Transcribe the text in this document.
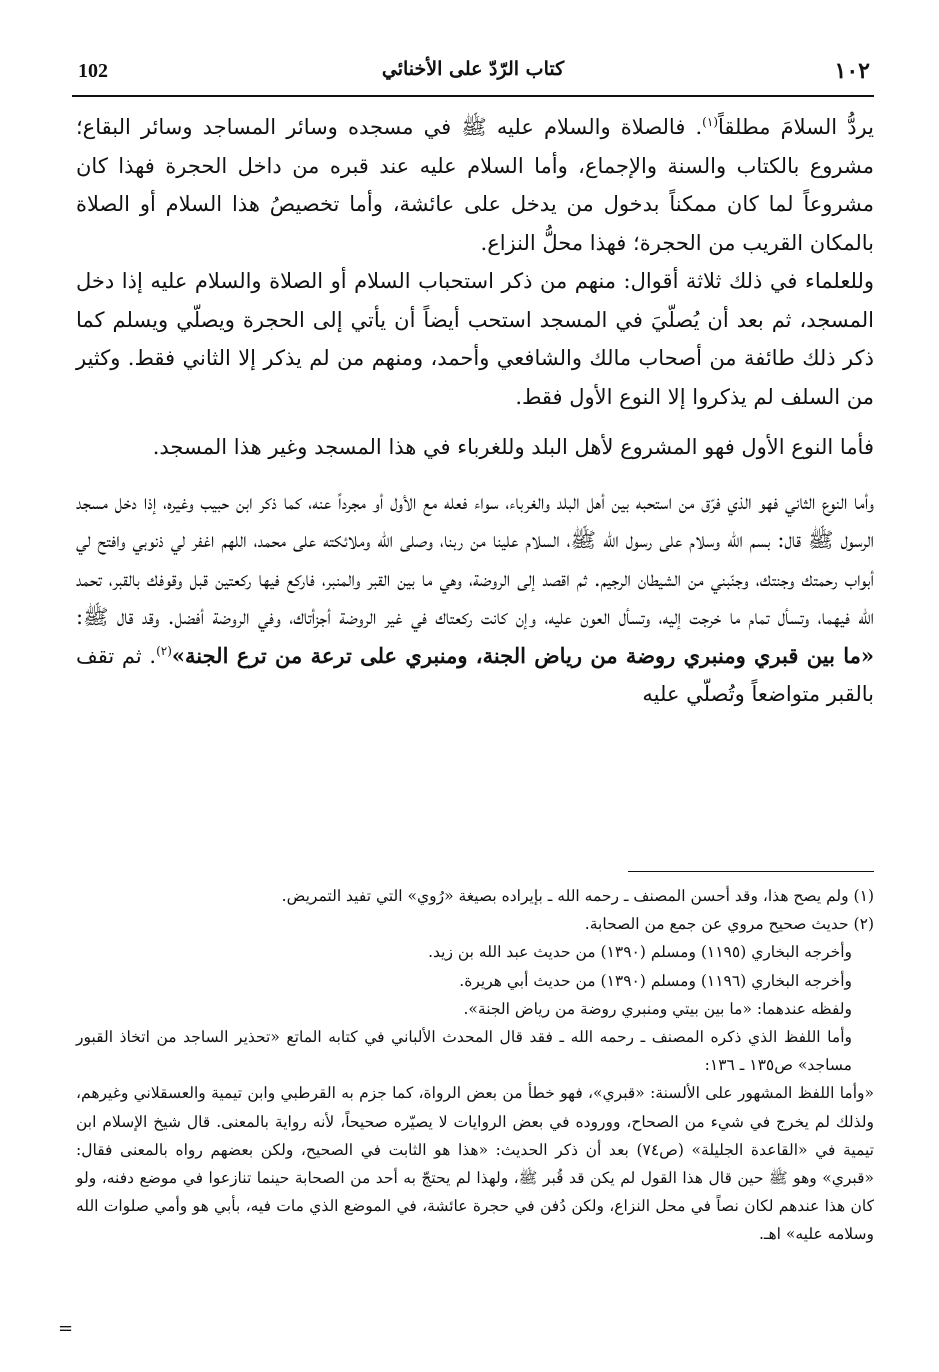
102	كتاب الرّدّ على الأخنائي	١٠٢

يردُّ السلامَ مطلقاً$^{(١)}$. فالصلاة والسلام عليه ﷺ في مسجده وسائر المساجد وسائر البقاع؛ مشروع بالكتاب والسنة والإجماع، وأما السلام عليه عند قبره من داخل الحجرة فهذا كان مشروعاً لما كان ممكناً بدخول من يدخل على عائشة، وأما تخصيصُ هذا السلام أو الصلاة بالمكان القريب من الحجرة؛ فهذا محلُّ النزاع.

وللعلماء في ذلك ثلاثة أقوال: منهم من ذكر استحباب السلام أو الصلاة والسلام عليه إذا دخل المسجد، ثم بعد أن يُصلّيَ في المسجد استحب أيضاً أن يأتي إلى الحجرة ويصلّي ويسلم كما ذكر ذلك طائفة من أصحاب مالك والشافعي وأحمد، ومنهم من لم يذكر إلا الثاني فقط. وكثير من السلف لم يذكروا إلا النوع الأول فقط.

فأما النوع الأول فهو المشروع لأهل البلد وللغرباء في هذا المسجد وغير هذا المسجد.

وأما النوع الثاني فهو الذي فرّق من استحبه بين أهل البلد والغرباء، سواء فعله مع الأول أو مجرداً عنه، كما ذكر ابن حبيب وغيره، إذا دخل مسجد الرسول ﷺ قال: بسم الله وسلام على رسول الله ﷺ، السلام علينا من ربنا، وصلى الله وملائكته على محمد، اللهم اغفر لي ذنوبي وافتح لي أبواب رحمتك وجنتك، وجنّبني من الشيطان الرجيم. ثم اقصد إلى الروضة، وهي ما بين القبر والمنبر، فاركع فيها ركعتين قبل وقوفك بالقبر، تحمد الله فيهما، وتسأل تمام ما خرجت إليه، وتسأل العون عليه، وإن كانت ركعتاك في غير الروضة أجزأتاك، وفي الروضة أفضل. وقد قال ﷺ: «ما بين قبري ومنبري روضة من رياض الجنة، ومنبري على ترعة من ترع الجنة»$^{(٢)}$. ثم تقف بالقبر متواضعاً وتُصلّي عليه

(١) ولم يصح هذا، وقد أحسن المصنف ـ رحمه الله ـ بإيراده بصيغة «رُوي» التي تفيد التمريض.

(٢) حديث صحيح مروي عن جمع من الصحابة.

وأخرجه البخاري (١١٩٥) ومسلم (١٣٩٠) من حديث عبد الله بن زيد.

وأخرجه البخاري (١١٩٦) ومسلم (١٣٩٠) من حديث أبي هريرة.

ولفظه عندهما: «ما بين بيتي ومنبري روضة من رياض الجنة».

وأما اللفظ الذي ذكره المصنف ـ رحمه الله ـ فقد قال المحدث الألباني في كتابه الماتع «تحذير الساجد من اتخاذ القبور مساجد» ص١٣٥ ـ ١٣٦:

«وأما اللفظ المشهور على الألسنة: «قبري»، فهو خطأ من بعض الرواة، كما جزم به القرطبي وابن تيمية والعسقلاني وغيرهم، ولذلك لم يخرج في شيء من الصحاح، ووروده في بعض الروايات لا يصيّره صحيحاً، لأنه رواية بالمعنى. قال شيخ الإسلام ابن تيمية في «القاعدة الجليلة» (ص٧٤) بعد أن ذكر الحديث: «هذا هو الثابت في الصحيح، ولكن بعضهم رواه بالمعنى فقال: «قبري» وهو ﷺ حين قال هذا القول لم يكن قد قُبر ﷺ، ولهذا لم يحتجّ به أحد من الصحابة حينما تنازعوا في موضع دفنه، ولو كان هذا عندهم لكان نصاً في محل النزاع، ولكن دُفن في حجرة عائشة، في الموضع الذي مات فيه، بأبي هو وأمي صلوات الله وسلامه عليه» اهـ.

=
